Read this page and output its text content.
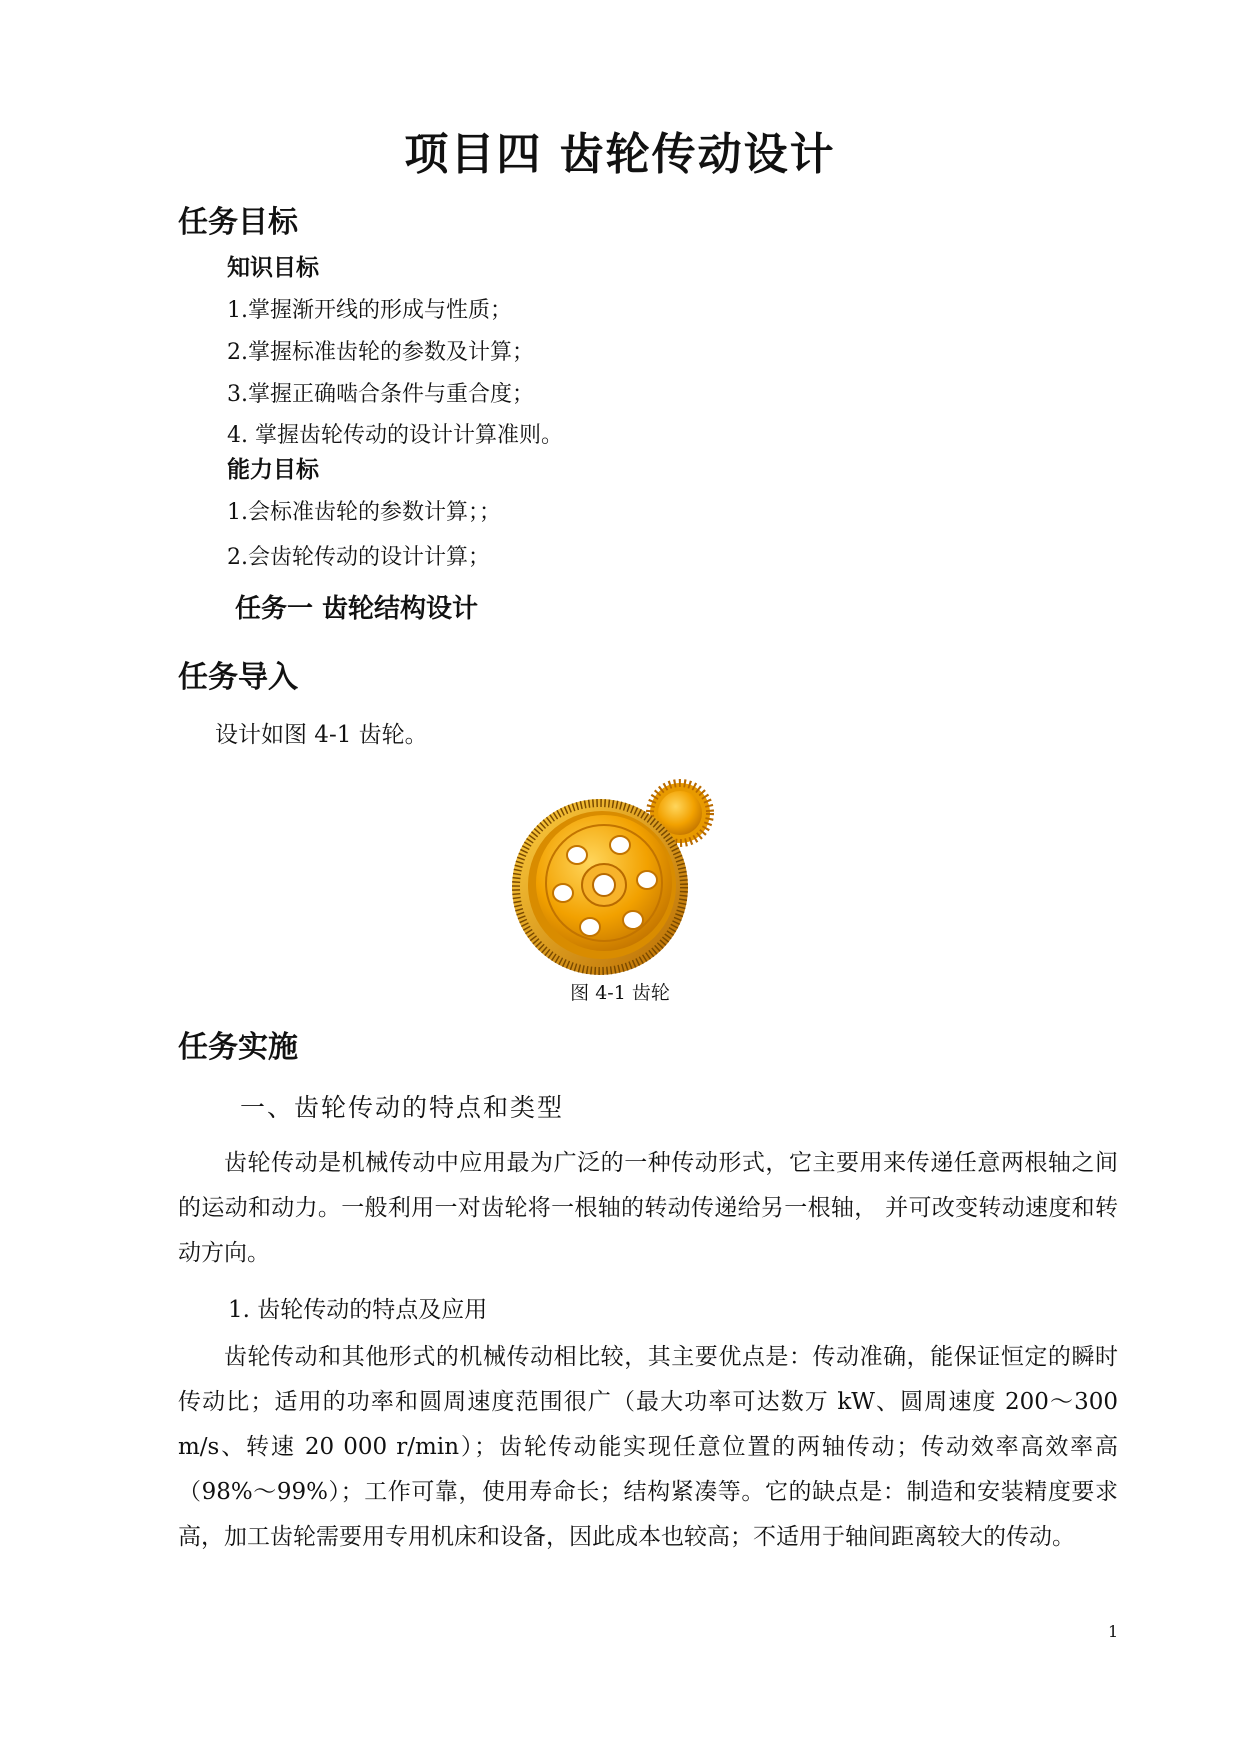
项目四 齿轮传动设计
任务目标
知识目标
1.掌握渐开线的形成与性质；
2.掌握标准齿轮的参数及计算；
3.掌握正确啮合条件与重合度；
4. 掌握齿轮传动的设计计算准则。
能力目标
1.会标准齿轮的参数计算；；
2.会齿轮传动的设计计算；
任务一 齿轮结构设计
任务导入
设计如图 4-1 齿轮。
图 4-1 齿轮
任务实施
一、齿轮传动的特点和类型
齿轮传动是机械传动中应用最为广泛的一种传动形式，它主要用来传递任意两根轴之间的运动和动力。一般利用一对齿轮将一根轴的转动传递给另一根轴， 并可改变转动速度和转动方向。
1. 齿轮传动的特点及应用
齿轮传动和其他形式的机械传动相比较，其主要优点是：传动准确，能保证恒定的瞬时传动比；适用的功率和圆周速度范围很广（最大功率可达数万 kW、圆周速度 200～300 m/s、转速 20 000 r/min）；齿轮传动能实现任意位置的两轴传动；传动效率高效率高（98%～99%）；工作可靠，使用寿命长；结构紧凑等。它的缺点是：制造和安装精度要求高，加工齿轮需要用专用机床和设备，因此成本也较高；不适用于轴间距离较大的传动。
1
